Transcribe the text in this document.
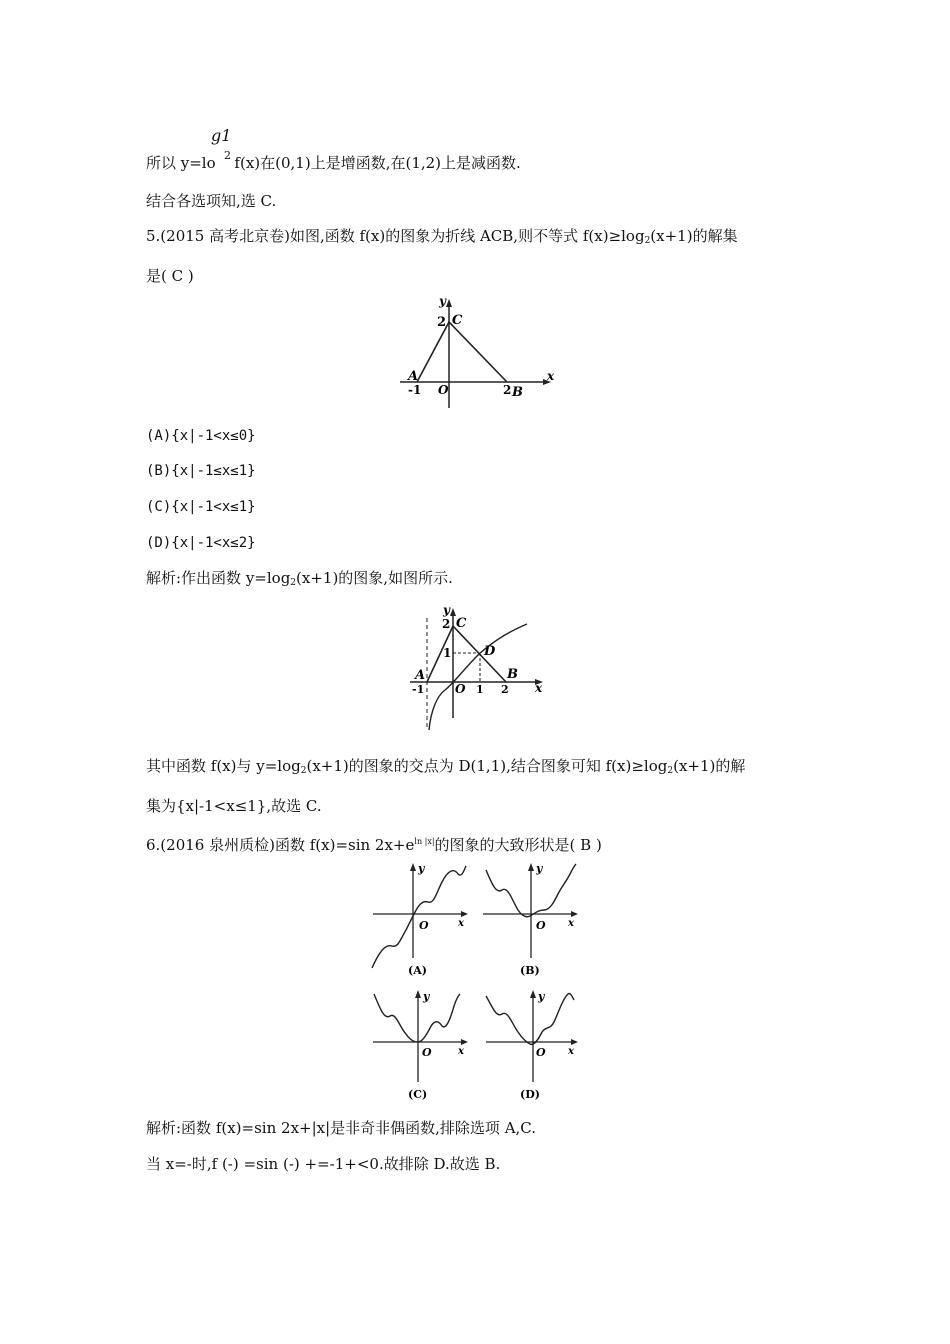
g1
2
所以 y=lo f(x)在(0,1)上是增函数,在(1,2)上是减函数.
结合各选项知,选 C.
5.(2015 高考北京卷)如图,函数 f(x)的图象为折线 ACB,则不等式 $f(x)\ge\log_2(x+1)$的解集
是( C )
y
x
C
2
A
-1 O	2 B
(A){x|-1<x≤0}
(B){x|-1≤x≤1}
(C){x|-1<x≤1}
(D){x|-1<x≤2}
解析:作出函数 $y=\log_2(x+1)$的图象,如图所示.
y
x
C
2
1	D
B
A
-1	O 1 2
其中函数 f(x)与 $y=\log_2(x+1)$的图象的交点为 D(1,1),结合图象可知 $f(x)\ge\log_2(x+1)$的解
集为{x|-1<x≤1},故选 C.
6.(2016 泉州质检)函数 f(x)=sin $2x+e^{ln |x|}$的图象的大致形状是( B )
y
x
O
(A)
y
x
O
(B)
y
x
O
(C)
y
x
O
(D)
解析:函数 f(x)=sin 2x+|x|是非奇非偶函数,排除选项 A,C.
当 x=-时,f (-) =sin (-) +=-1+<0.故排除 D.故选 B.
